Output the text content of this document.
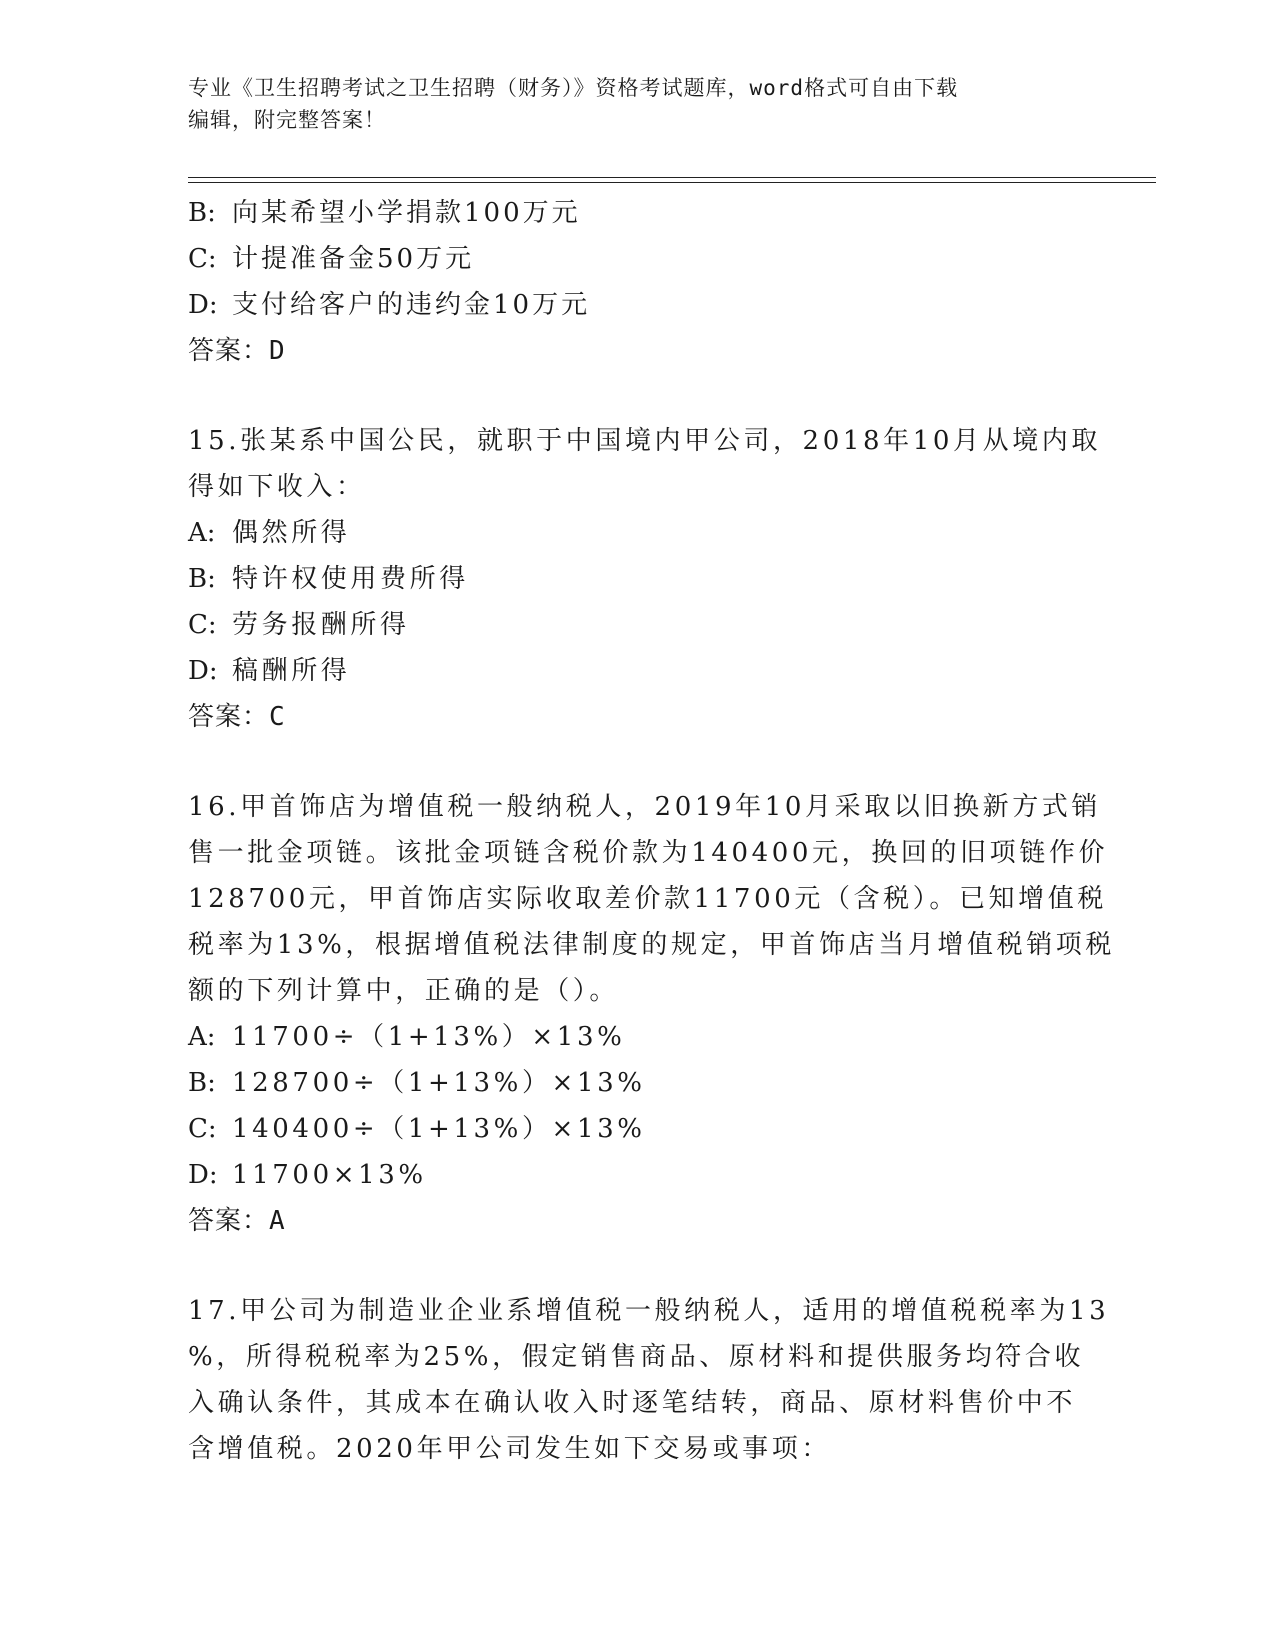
专业《卫生招聘考试之卫生招聘（财务）》资格考试题库，word格式可自由下载
编辑，附完整答案！
B: 向某希望小学捐款100万元
C: 计提准备金50万元
D: 支付给客户的违约金10万元
答案：D
15.张某系中国公民，就职于中国境内甲公司，2018年10月从境内取
得如下收入：
A: 偶然所得
B: 特许权使用费所得
C: 劳务报酬所得
D: 稿酬所得
答案：C
16.甲首饰店为增值税一般纳税人，2019年10月采取以旧换新方式销
售一批金项链。该批金项链含税价款为140400元，换回的旧项链作价
128700元，甲首饰店实际收取差价款11700元（含税）。已知增值税
税率为13%，根据增值税法律制度的规定，甲首饰店当月增值税销项税
额的下列计算中，正确的是（）。
A: 11700÷（1+13%）×13%
B: 128700÷（1+13%）×13%
C: 140400÷（1+13%）×13%
D: 11700×13%
答案：A
17.甲公司为制造业企业系增值税一般纳税人，适用的增值税税率为13
%，所得税税率为25%，假定销售商品、原材料和提供服务均符合收
入确认条件，其成本在确认收入时逐笔结转，商品、原材料售价中不
含增值税。2020年甲公司发生如下交易或事项：
